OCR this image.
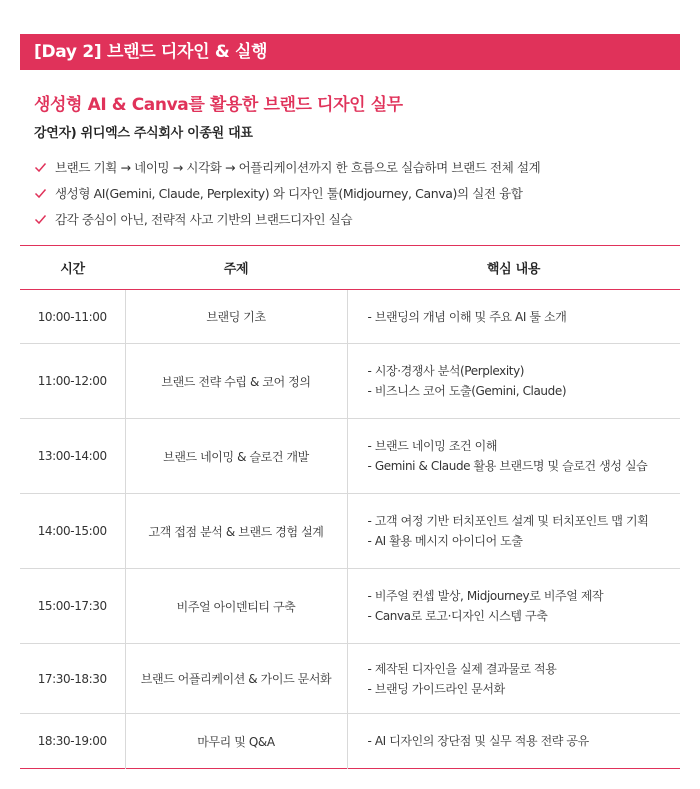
[Day 2] 브랜드 디자인 & 실행
생성형 AI & Canva를 활용한 브랜드 디자인 실무
강연자) 위디엑스 주식회사 이종원 대표
브랜드 기획 → 네이밍 → 시각화 → 어플리케이션까지 한 흐름으로 실습하며 브랜드 전체 설계
생성형 AI(Gemini, Claude, Perplexity) 와 디자인 툴(Midjourney, Canva)의 실전 융합
감각 중심이 아닌, 전략적 사고 기반의 브랜드디자인 실습
시간	주제	핵심 내용
10:00-11:00	브랜딩 기초	- 브랜딩의 개념 이해 및 주요 AI 툴 소개

11:00-12:00	브랜드 전략 수립 & 코어 정의	- 시장·경쟁사 분석(Perplexity)
- 비즈니스 코어 도출(Gemini, Claude)

13:00-14:00	브랜드 네이밍 & 슬로건 개발	- 브랜드 네이밍 조건 이해
- Gemini & Claude 활용 브랜드명 및 슬로건 생성 실습

14:00-15:00	고객 접점 분석 & 브랜드 경험 설계	- 고객 여정 기반 터치포인트 설계 및 터치포인트 맵 기획
- AI 활용 메시지 아이디어 도출

15:00-17:30	비주얼 아이덴티티 구축	- 비주얼 컨셉 발상, Midjourney로 비주얼 제작
- Canva로 로고·디자인 시스템 구축

17:30-18:30	브랜드 어플리케이션 & 가이드 문서화	- 제작된 디자인을 실제 결과물로 적용
- 브랜딩 가이드라인 문서화

18:30-19:00	마무리 및 Q&A	- AI 디자인의 장단점 및 실무 적용 전략 공유
